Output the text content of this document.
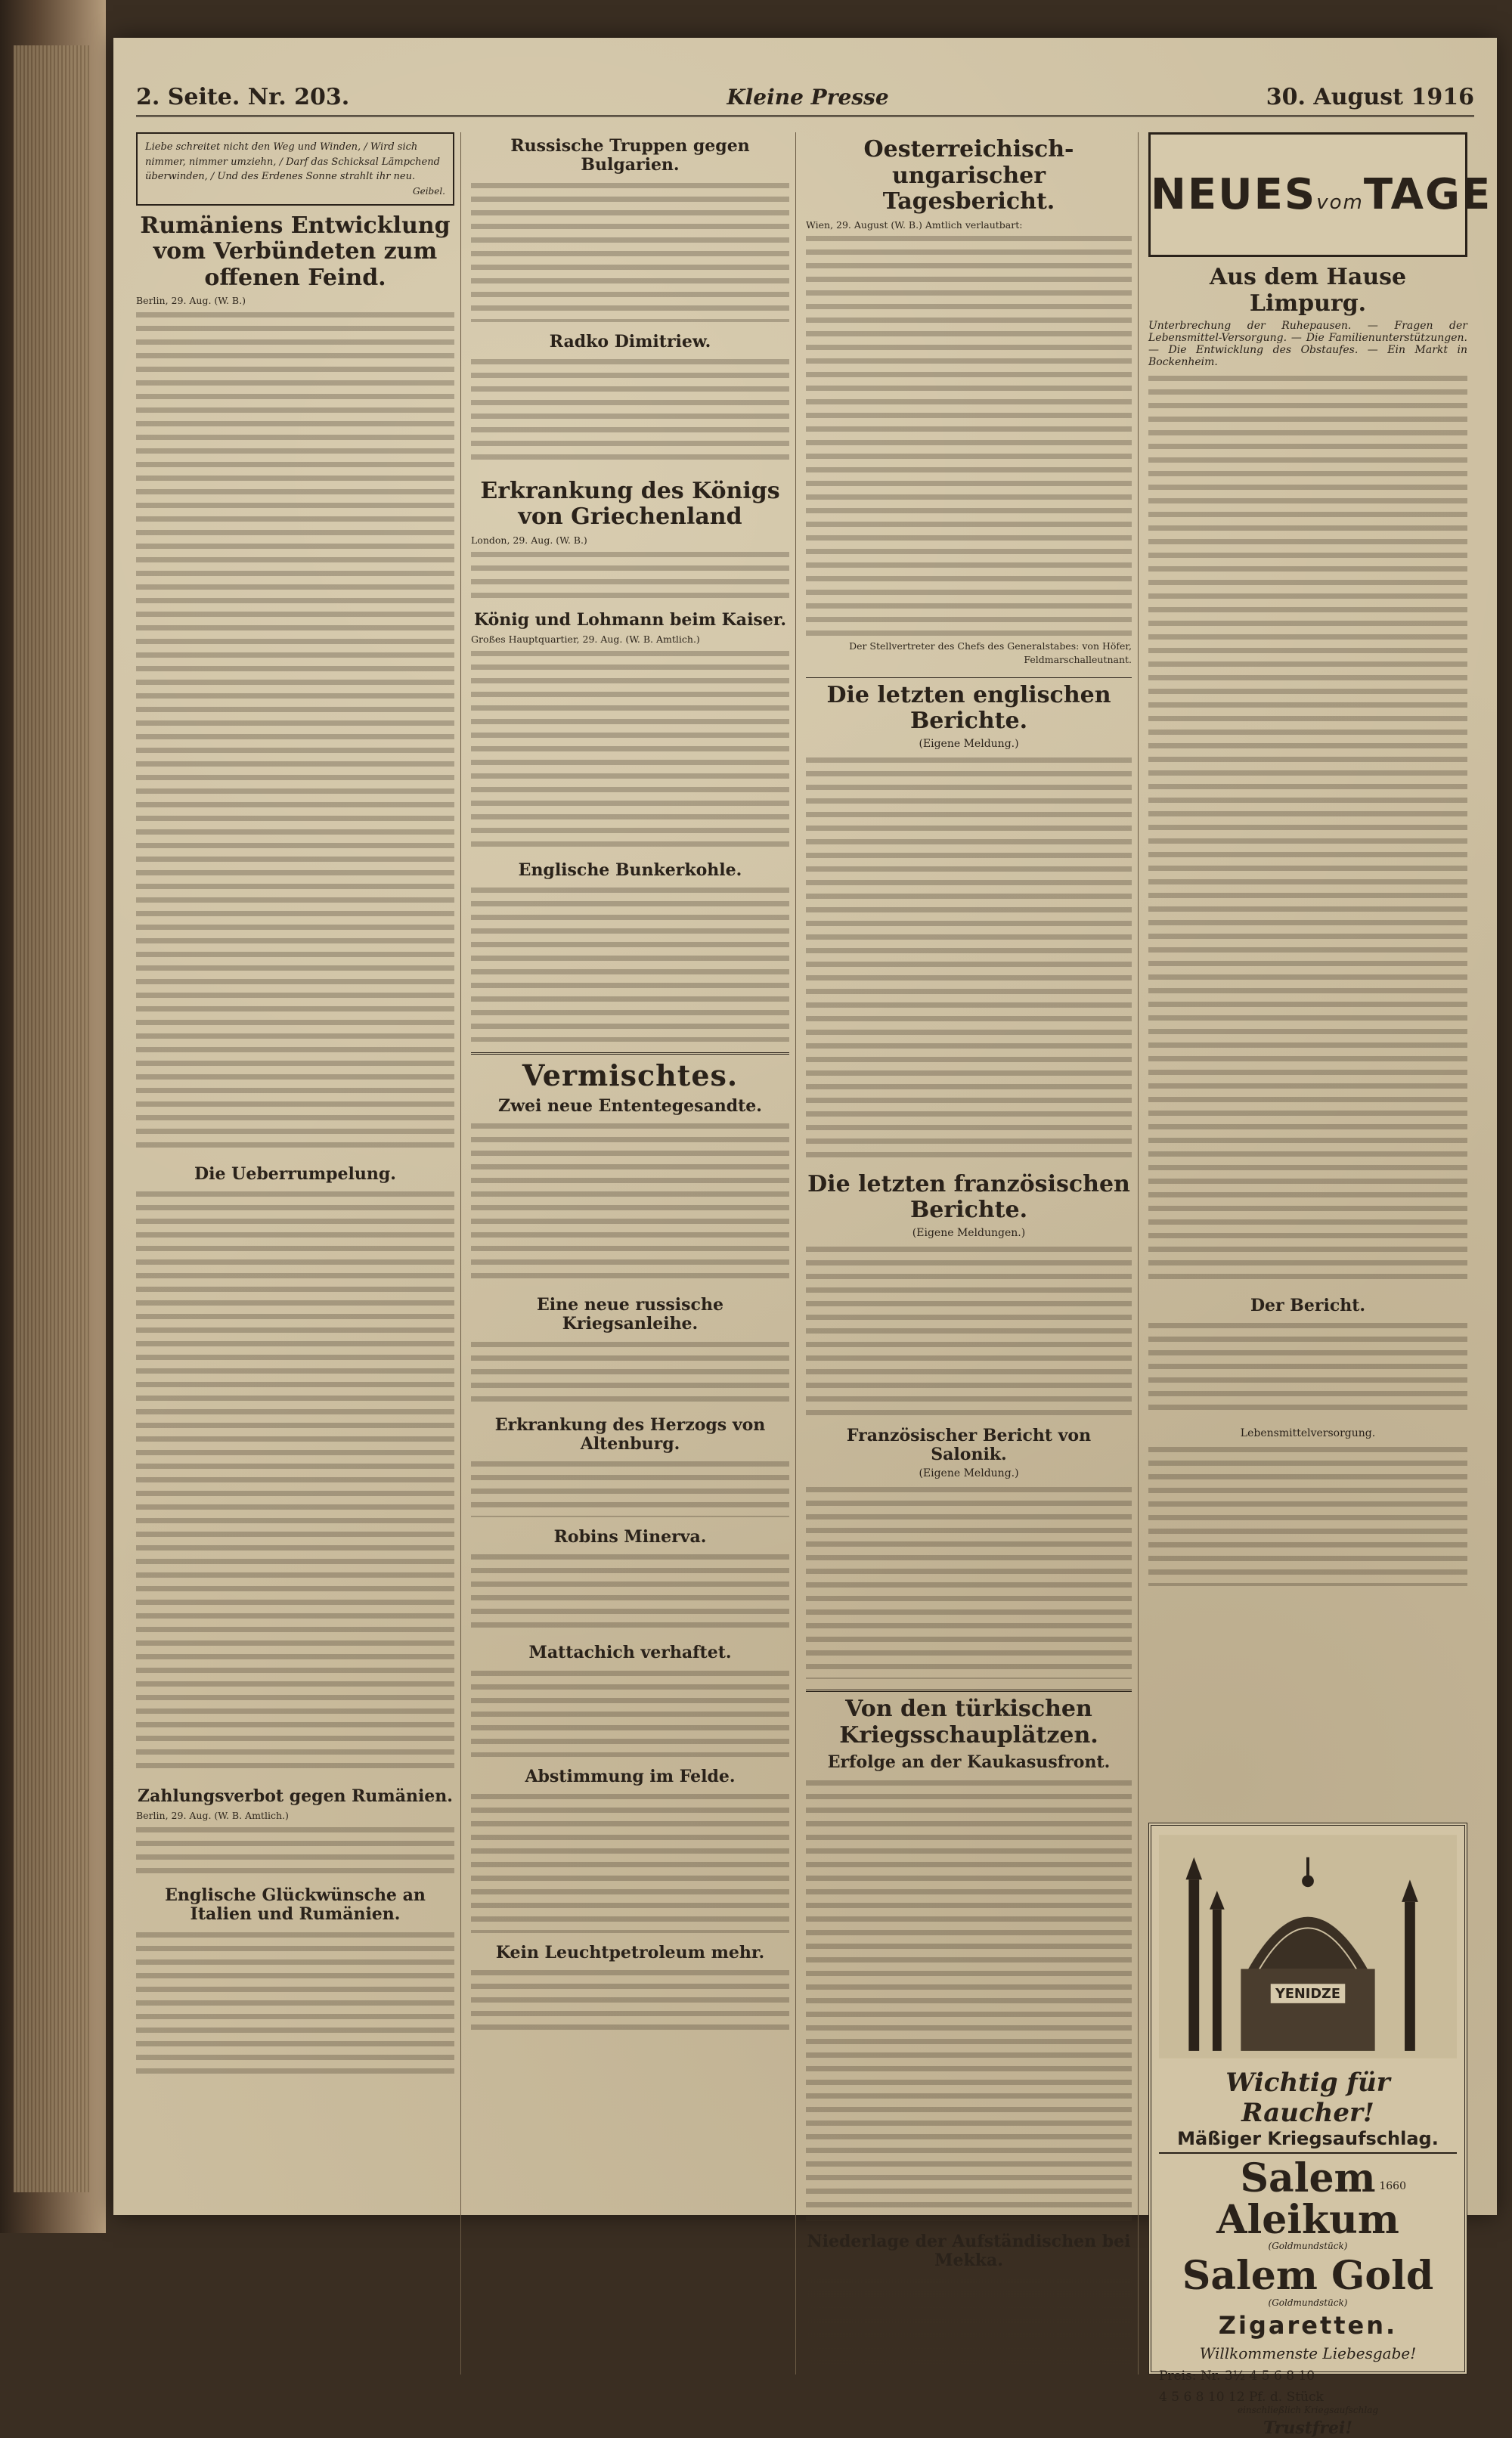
2. Seite. Nr. 203.	Kleine Presse	30. August 1916
Liebe schreitet nicht den Weg und Winden, / Wird sich nimmer, nimmer umziehn, / Darf das Schicksal Lämpchend überwinden, / Und des Erdenes Sonne strahlt ihr neu.
Geibel.
Rumäniens Entwicklung vom Verbündeten zum offenen Feind.
Berlin, 29. Aug. (W. B.)
Die Ueberrumpelung.
Zahlungsverbot gegen Rumänien.
Berlin, 29. Aug. (W. B. Amtlich.)
Englische Glückwünsche an Italien und Rumänien.
Russische Truppen gegen Bulgarien.
Radko Dimitriew.
Erkrankung des Königs von Griechenland
London, 29. Aug. (W. B.)
König und Lohmann beim Kaiser.
Großes Hauptquartier, 29. Aug. (W. B. Amtlich.)
Englische Bunkerkohle.
Vermischtes.
Zwei neue Ententegesandte.
Eine neue russische Kriegsanleihe.
Erkrankung des Herzogs von Altenburg.
Robins Minerva.
Mattachich verhaftet.
Abstimmung im Felde.
Kein Leuchtpetroleum mehr.
Oesterreichisch-ungarischer Tagesbericht.
Wien, 29. August (W. B.) Amtlich verlautbart:
Der Stellvertreter des Chefs des Generalstabes: von Höfer, Feldmarschalleutnant.
Die letzten englischen Berichte.
(Eigene Meldung.)
Die letzten französischen Berichte.
(Eigene Meldungen.)
Französischer Bericht von Salonik.
(Eigene Meldung.)
Von den türkischen Kriegsschauplätzen.
Erfolge an der Kaukasusfront.
Niederlage der Aufständischen bei Mekka.
NEUESvomTAGE
Aus dem Hause Limpurg.
Unterbrechung der Ruhepausen. — Fragen der Lebensmittel-Versorgung. — Die Familienunterstützungen. — Die Entwicklung des Obstaufes. — Ein Markt in Bockenheim.
Der Bericht.
Lebensmittelversorgung.
YENIDZE
Wichtig für Raucher!
Mäßiger Kriegsaufschlag.
Salem Aleikum
(Goldmundstück)
Salem Gold
(Goldmundstück)
Zigaretten.
Willkommenste Liebesgabe!
Preis: Nr. 3½ 4 5 6 8 10
4 5 6 8 10 12 Pf. d. Stück
einschließlich Kriegsaufschlag
Trustfrei!
1660
